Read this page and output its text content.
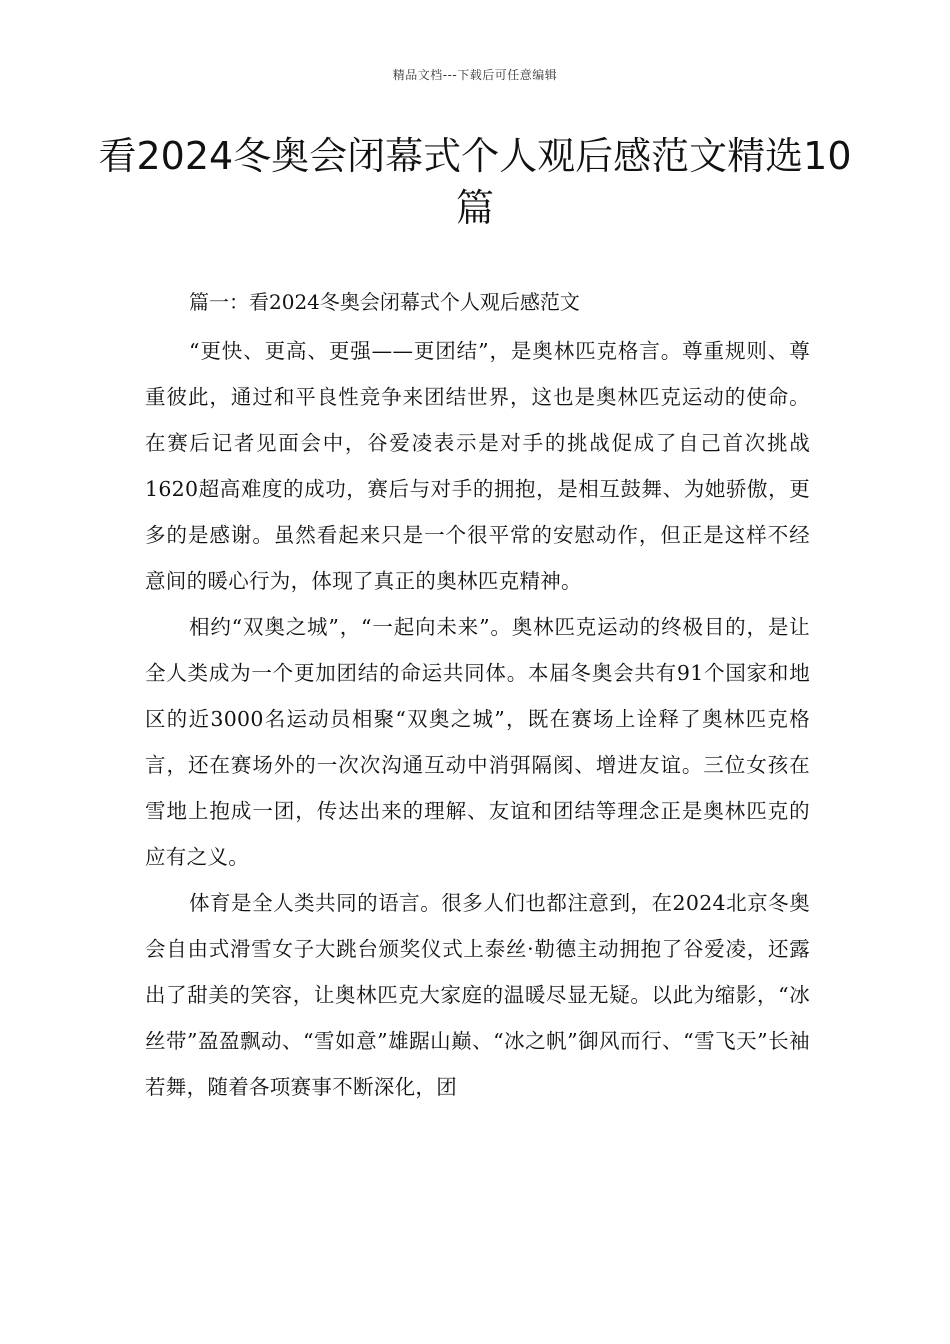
精品文档---下载后可任意编辑
看2024冬奥会闭幕式个人观后感范文精选10篇

篇一：看2024冬奥会闭幕式个人观后感范文

“更快、更高、更强——更团结”，是奥林匹克格言。尊重规则、尊重彼此，通过和平良性竞争来团结世界，这也是奥林匹克运动的使命。在赛后记者见面会中，谷爱凌表示是对手的挑战促成了自己首次挑战1620超高难度的成功，赛后与对手的拥抱，是相互鼓舞、为她骄傲，更多的是感谢。虽然看起来只是一个很平常的安慰动作，但正是这样不经意间的暖心行为，体现了真正的奥林匹克精神。

相约“双奥之城”，“一起向未来”。奥林匹克运动的终极目的，是让全人类成为一个更加团结的命运共同体。本届冬奥会共有91个国家和地区的近3000名运动员相聚“双奥之城”，既在赛场上诠释了奥林匹克格言，还在赛场外的一次次沟通互动中消弭隔阂、增进友谊。三位女孩在雪地上抱成一团，传达出来的理解、友谊和团结等理念正是奥林匹克的应有之义。

体育是全人类共同的语言。很多人们也都注意到，在2024北京冬奥会自由式滑雪女子大跳台颁奖仪式上泰丝·勒德主动拥抱了谷爱凌，还露出了甜美的笑容，让奥林匹克大家庭的温暖尽显无疑。以此为缩影，“冰丝带”盈盈飘动、“雪如意”雄踞山巅、“冰之帆”御风而行、“雪飞天”长袖若舞，随着各项赛事不断深化，团
